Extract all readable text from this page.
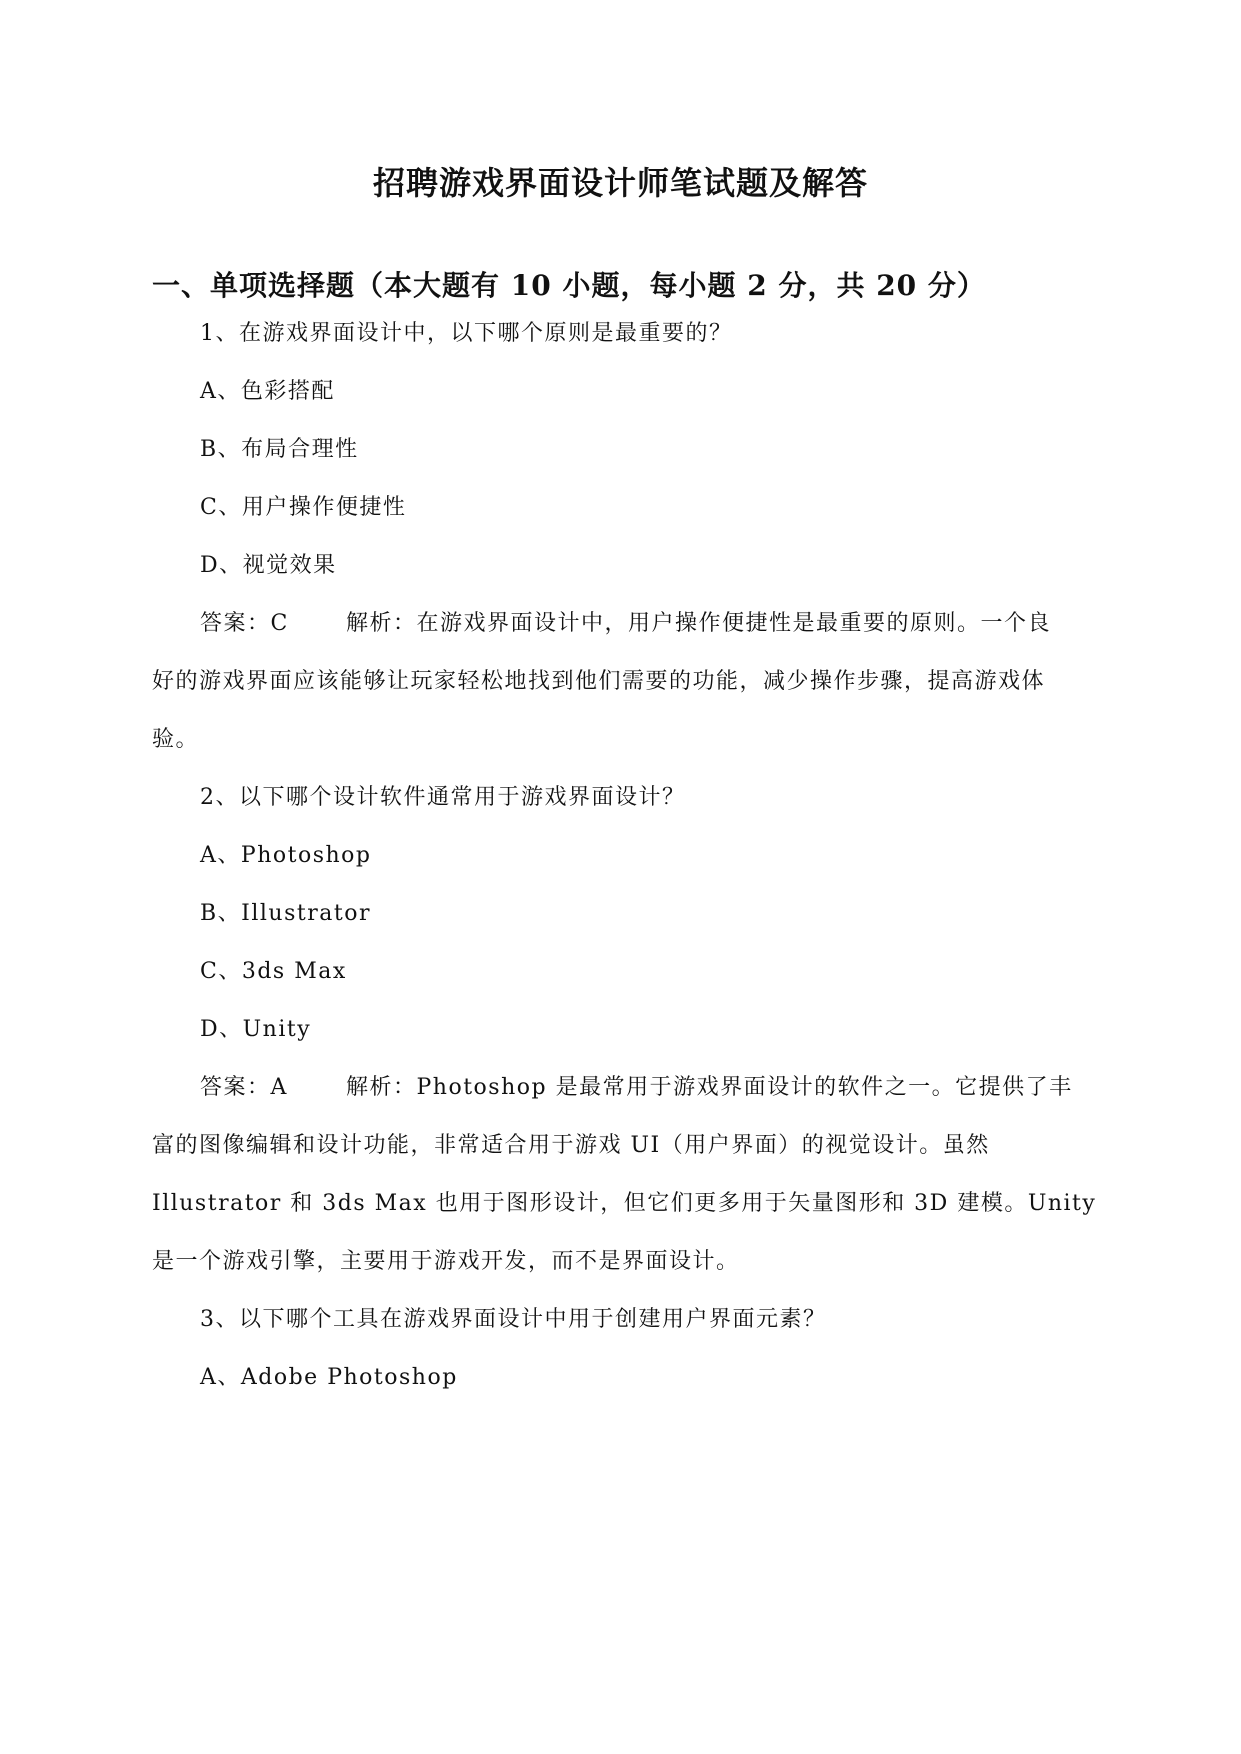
招聘游戏界面设计师笔试题及解答
一、单项选择题（本大题有 10 小题，每小题 2 分，共 20 分）
1、在游戏界面设计中，以下哪个原则是最重要的？
A、色彩搭配
B、布局合理性
C、用户操作便捷性
D、视觉效果
答案：C	解析：在游戏界面设计中，用户操作便捷性是最重要的原则。一个良
好的游戏界面应该能够让玩家轻松地找到他们需要的功能，减少操作步骤，提高游戏体
验。
2、以下哪个设计软件通常用于游戏界面设计？
A、Photoshop
B、Illustrator
C、3ds Max
D、Unity
答案：A	解析：Photoshop 是最常用于游戏界面设计的软件之一。它提供了丰
富的图像编辑和设计功能，非常适合用于游戏 UI（用户界面）的视觉设计。虽然
Illustrator 和 3ds Max 也用于图形设计，但它们更多用于矢量图形和 3D 建模。Unity
是一个游戏引擎，主要用于游戏开发，而不是界面设计。
3、以下哪个工具在游戏界面设计中用于创建用户界面元素？
A、Adobe Photoshop
